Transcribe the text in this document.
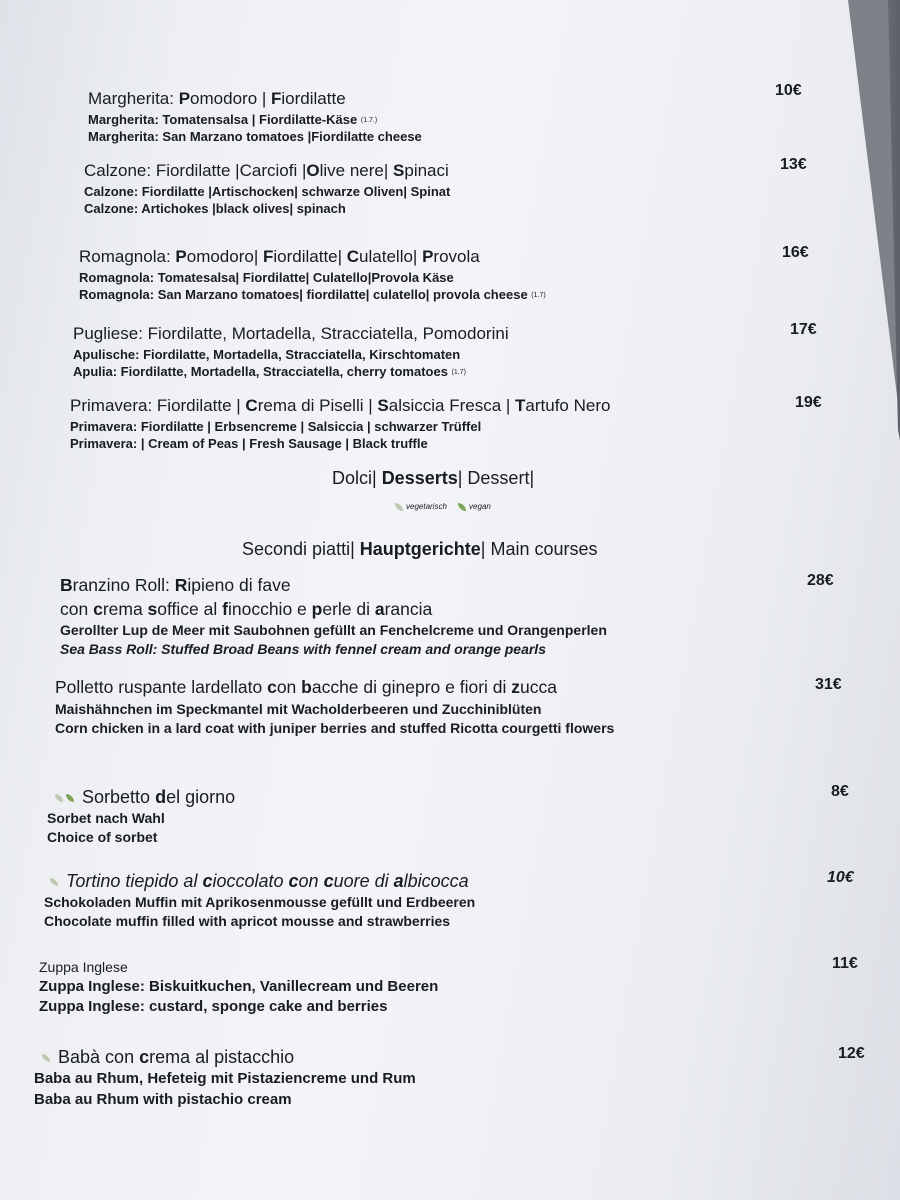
Margherita: Pomodoro | Fiordilatte
Margherita: Tomatensalsa | Fiordilatte-Käse (1.7.)
Margherita: San Marzano tomatoes |Fiordilatte cheese
10€
Calzone: Fiordilatte |Carciofi |Olive nere| Spinaci
Calzone: Fiordilatte |Artischocken| schwarze Oliven| Spinat
Calzone: Artichokes |black olives| spinach
13€
Romagnola: Pomodoro| Fiordilatte| Culatello| Provola
Romagnola: Tomatesalsa| Fiordilatte| Culatello|Provola Käse
Romagnola: San Marzano tomatoes| fiordilatte| culatello| provola cheese (1.7)
16€
Pugliese: Fiordilatte, Mortadella, Stracciatella, Pomodorini
Apulische: Fiordilatte, Mortadella, Stracciatella, Kirschtomaten
Apulia: Fiordilatte, Mortadella, Stracciatella, cherry tomatoes (1.7)
17€
Primavera: Fiordilatte | Crema di Piselli | Salsiccia Fresca | Tartufo Nero
Primavera: Fiordilatte | Erbsencreme | Salsiccia | schwarzer Trüffel
Primavera: | Cream of Peas | Fresh Sausage | Black truffle
19€
Dolci| Desserts| Dessert|
vegetarisch	vegan
Secondi piatti| Hauptgerichte| Main courses
Branzino Roll: Ripieno di fave
con crema soffice al finocchio e perle di arancia
Gerollter Lup de Meer mit Saubohnen gefüllt an Fenchelcreme und Orangenperlen
Sea Bass Roll: Stuffed Broad Beans with fennel cream and orange pearls
28€
Polletto ruspante lardellato con bacche di ginepro e fiori di zucca
Maishähnchen im Speckmantel mit Wacholderbeeren und Zucchiniblüten
Corn chicken in a lard coat with juniper berries and stuffed Ricotta courgetti flowers
31€
Sorbetto del giorno
Sorbet nach Wahl
Choice of sorbet
8€
Tortino tiepido al cioccolato con cuore di albicocca
Schokoladen Muffin mit Aprikosenmousse gefüllt und Erdbeeren
Chocolate muffin filled with apricot mousse and strawberries
10€
Zuppa Inglese
Zuppa Inglese: Biskuitkuchen, Vanillecream und Beeren
Zuppa Inglese: custard, sponge cake and berries
11€
Babà con crema al pistacchio
Baba au Rhum, Hefeteig mit Pistaziencreme und Rum
Baba au Rhum with pistachio cream
12€
